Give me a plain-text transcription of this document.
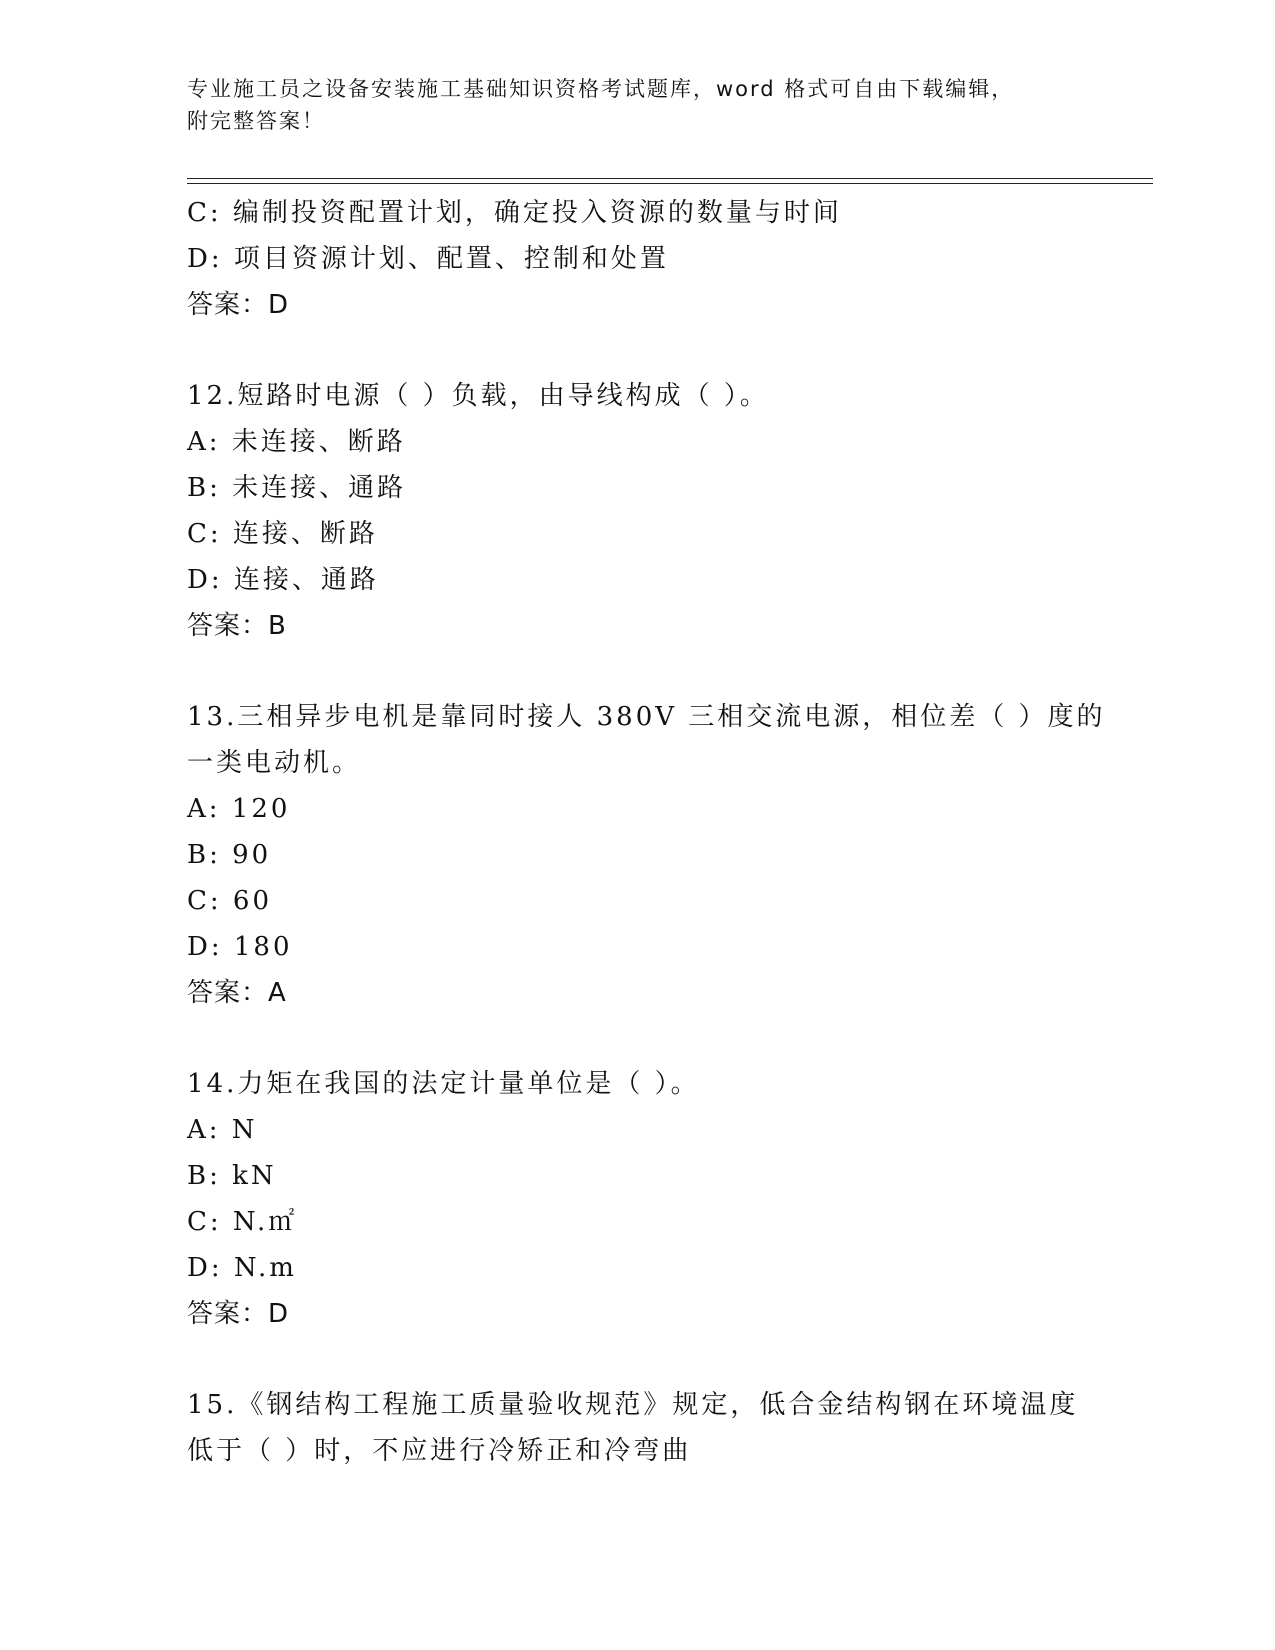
专业施工员之设备安装施工基础知识资格考试题库，word 格式可自由下载编辑，
附完整答案！
C: 编制投资配置计划，确定投入资源的数量与时间
D: 项目资源计划、配置、控制和处置
答案：D
12.短路时电源（ ）负载，由导线构成（ ）。
A: 未连接、断路
B: 未连接、通路
C: 连接、断路
D: 连接、通路
答案：B
13.三相异步电机是靠同时接人 380V 三相交流电源，相位差（ ）度的
一类电动机。
A: 120
B: 90
C: 60
D: 180
答案：A
14.力矩在我国的法定计量单位是（ ）。
A: N
B: kN
C: N.㎡
D: N.m
答案：D
15.《钢结构工程施工质量验收规范》规定，低合金结构钢在环境温度
低于（ ）时，不应进行冷矫正和冷弯曲
